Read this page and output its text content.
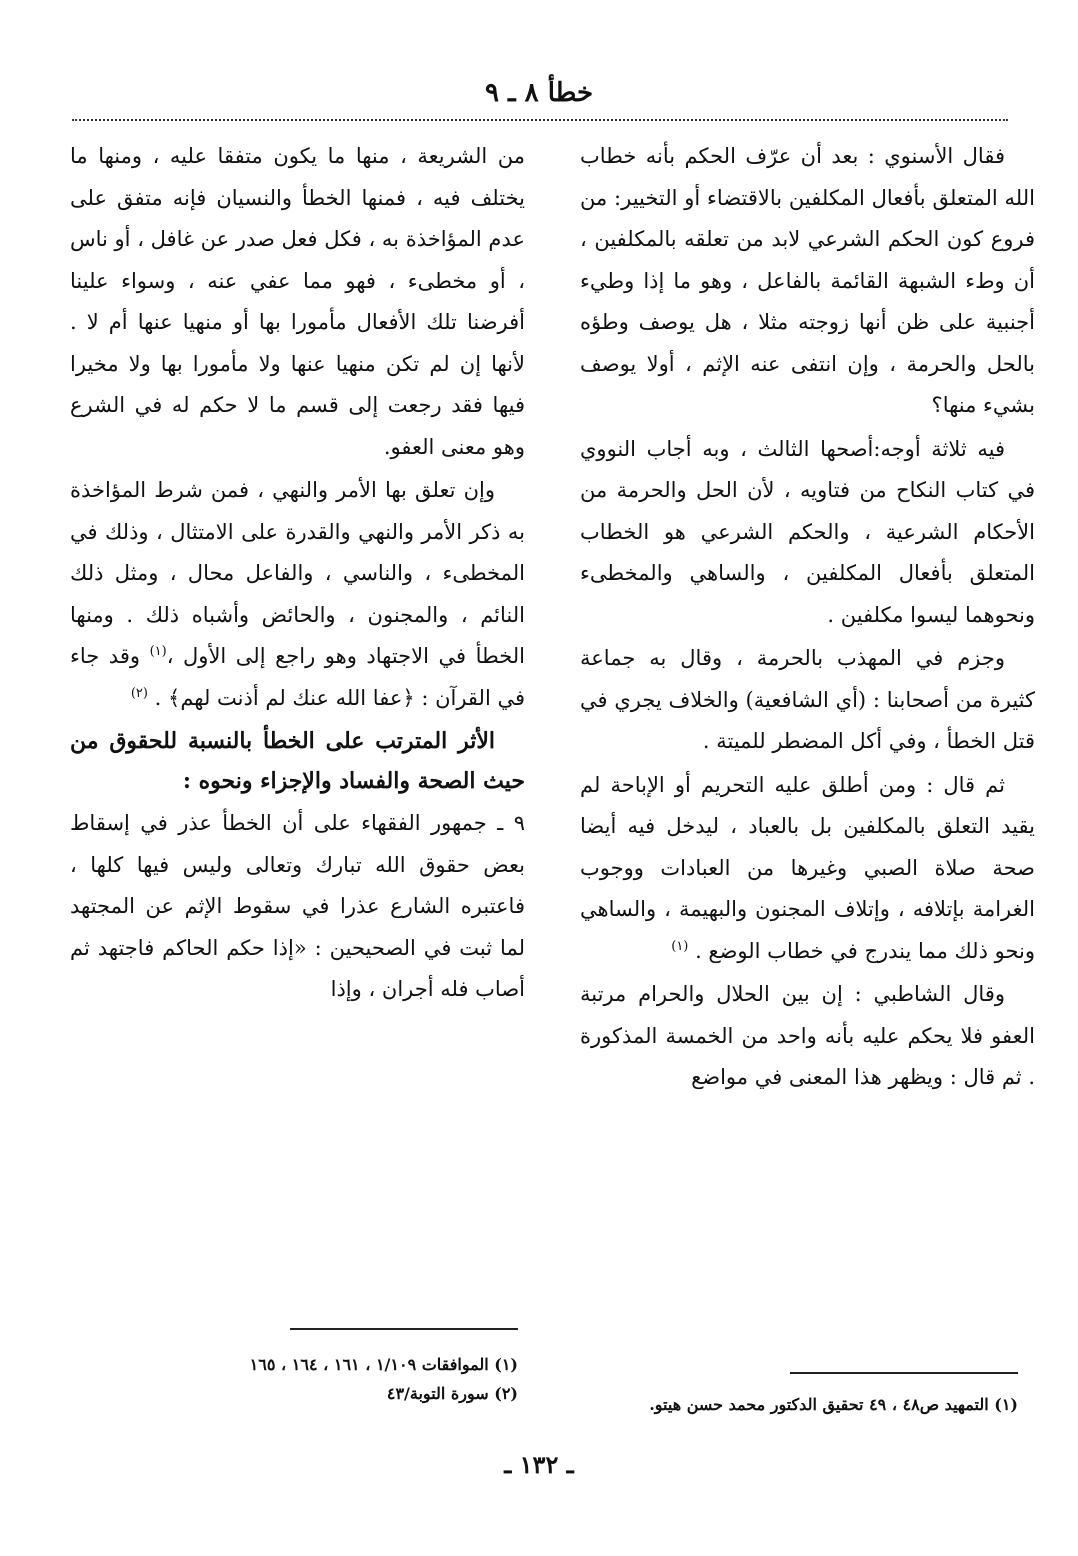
خطأ ٨ ـ ٩

فقال الأسنوي : بعد أن عرّف الحكم بأنه خطاب الله المتعلق بأفعال المكلفين بالاقتضاء أو التخيير: من فروع كون الحكم الشرعي لابد من تعلقه بالمكلفين ، أن وطء الشبهة القائمة بالفاعل ، وهو ما إذا وطيء أجنبية على ظن أنها زوجته مثلا ، هل يوصف وطؤه بالحل والحرمة ، وإن انتفى عنه الإثم ، أولا يوصف بشيء منها؟

فيه ثلاثة أوجه:أصحها الثالث ، وبه أجاب النووي في كتاب النكاح من فتاويه ، لأن الحل والحرمة من الأحكام الشرعية ، والحكم الشرعي هو الخطاب المتعلق بأفعال المكلفين ، والساهي والمخطىء ونحوهما ليسوا مكلفين .

وجزم في المهذب بالحرمة ، وقال به جماعة كثيرة من أصحابنا : (أي الشافعية) والخلاف يجري في قتل الخطأ ، وفي أكل المضطر للميتة .

ثم قال : ومن أطلق عليه التحريم أو الإباحة لم يقيد التعلق بالمكلفين بل بالعباد ، ليدخل فيه أيضا صحة صلاة الصبي وغيرها من العبادات ووجوب الغرامة بإتلافه ، وإتلاف المجنون والبهيمة ، والساهي ونحو ذلك مما يندرج في خطاب الوضع . $^{(١)}$

وقال الشاطبي : إن بين الحلال والحرام مرتبة العفو فلا يحكم عليه بأنه واحد من الخمسة المذكورة . ثم قال : ويظهر هذا المعنى في مواضع

من الشريعة ، منها ما يكون متفقا عليه ، ومنها ما يختلف فيه ، فمنها الخطأ والنسيان فإنه متفق على عدم المؤاخذة به ، فكل فعل صدر عن غافل ، أو ناس ، أو مخطىء ، فهو مما عفي عنه ، وسواء علينا أفرضنا تلك الأفعال مأمورا بها أو منهيا عنها أم لا . لأنها إن لم تكن منهيا عنها ولا مأمورا بها ولا مخيرا فيها فقد رجعت إلى قسم ما لا حكم له في الشرع وهو معنى العفو.

وإن تعلق بها الأمر والنهي ، فمن شرط المؤاخذة به ذكر الأمر والنهي والقدرة على الامتثال ، وذلك في المخطىء ، والناسي ، والفاعل محال ، ومثل ذلك النائم ، والمجنون ، والحائض وأشباه ذلك . ومنها الخطأ في الاجتهاد وهو راجع إلى الأول ،$^{(١)}$ وقد جاء في القرآن : ﴿عفا الله عنك لم أذنت لهم﴾ . $^{(٢)}$

الأثر المترتب على الخطأ بالنسبة للحقوق من حيث الصحة والفساد والإجزاء ونحوه :

٩ ـ جمهور الفقهاء على أن الخطأ عذر في إسقاط بعض حقوق الله تبارك وتعالى وليس فيها كلها ، فاعتبره الشارع عذرا في سقوط الإثم عن المجتهد لما ثبت في الصحيحين : «إذا حكم الحاكم فاجتهد ثم أصاب فله أجران ، وإذا

(١) التمهيد ص٤٨ ، ٤٩ تحقيق الدكتور محمد حسن هيتو.
(١) الموافقات ١/١٠٩ ، ١٦١ ، ١٦٤ ، ١٦٥
(٢) سورة التوبة/٤٣
ـ ١٣٢ ـ
